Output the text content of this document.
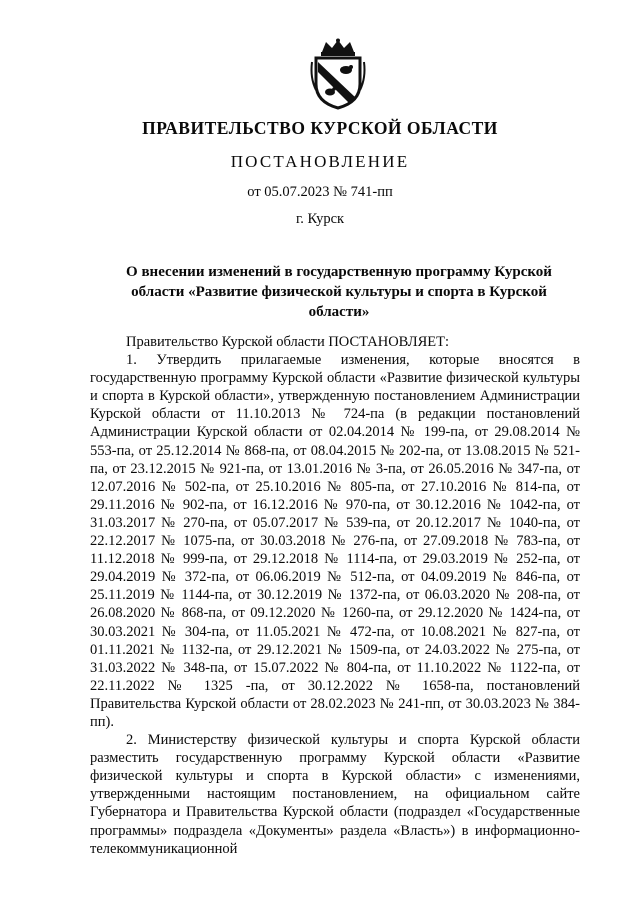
ПРАВИТЕЛЬСТВО КУРСКОЙ ОБЛАСТИ
ПОСТАНОВЛЕНИЕ
от 05.07.2023 № 741-пп
г. Курск
О внесении изменений в государственную программу Курской
области «Развитие физической культуры и спорта в Курской области»

Правительство Курской области ПОСТАНОВЛЯЕТ:

1. Утвердить прилагаемые изменения, которые вносятся в государственную программу Курской области «Развитие физической культуры и спорта в Курской области», утвержденную постановлением Администрации Курской области от 11.10.2013 № 724-па (в редакции постановлений Администрации Курской области от 02.04.2014 № 199-па, от 29.08.2014 № 553-па, от 25.12.2014 № 868-па, от 08.04.2015 № 202-па, от 13.08.2015 № 521-па, от 23.12.2015 № 921-па, от 13.01.2016 № 3-па, от 26.05.2016 № 347-па, от 12.07.2016 № 502-па, от 25.10.2016 № 805-па, от 27.10.2016 № 814-па, от 29.11.2016 № 902-па, от 16.12.2016 № 970-па, от 30.12.2016 № 1042-па, от 31.03.2017 № 270-па, от 05.07.2017 № 539-па, от 20.12.2017 № 1040-па, от 22.12.2017 № 1075-па, от 30.03.2018 № 276-па, от 27.09.2018 № 783-па, от 11.12.2018 № 999-па, от 29.12.2018 № 1114-па, от 29.03.2019 № 252-па, от 29.04.2019 № 372-па, от 06.06.2019 № 512-па, от 04.09.2019 № 846-па, от 25.11.2019 № 1144-па, от 30.12.2019 № 1372-па, от 06.03.2020 № 208-па, от 26.08.2020 № 868-па, от 09.12.2020 № 1260-па, от 29.12.2020 № 1424-па, от 30.03.2021 № 304-па, от 11.05.2021 № 472-па, от 10.08.2021 № 827-па, от 01.11.2021 № 1132-па, от 29.12.2021 № 1509-па, от 24.03.2022 № 275-па, от 31.03.2022 № 348-па, от 15.07.2022 № 804-па, от 11.10.2022 № 1122-па, от 22.11.2022 № 1325 -па, от 30.12.2022 № 1658-па, постановлений Правительства Курской области от 28.02.2023 № 241-пп, от 30.03.2023 № 384-пп).

2. Министерству физической культуры и спорта Курской области разместить государственную программу Курской области «Развитие физической культуры и спорта в Курской области» с изменениями, утвержденными настоящим постановлением, на официальном сайте Губернатора и Правительства Курской области (подраздел «Государственные программы» подраздела «Документы» раздела «Власть») в информационно-телекоммуникационной
